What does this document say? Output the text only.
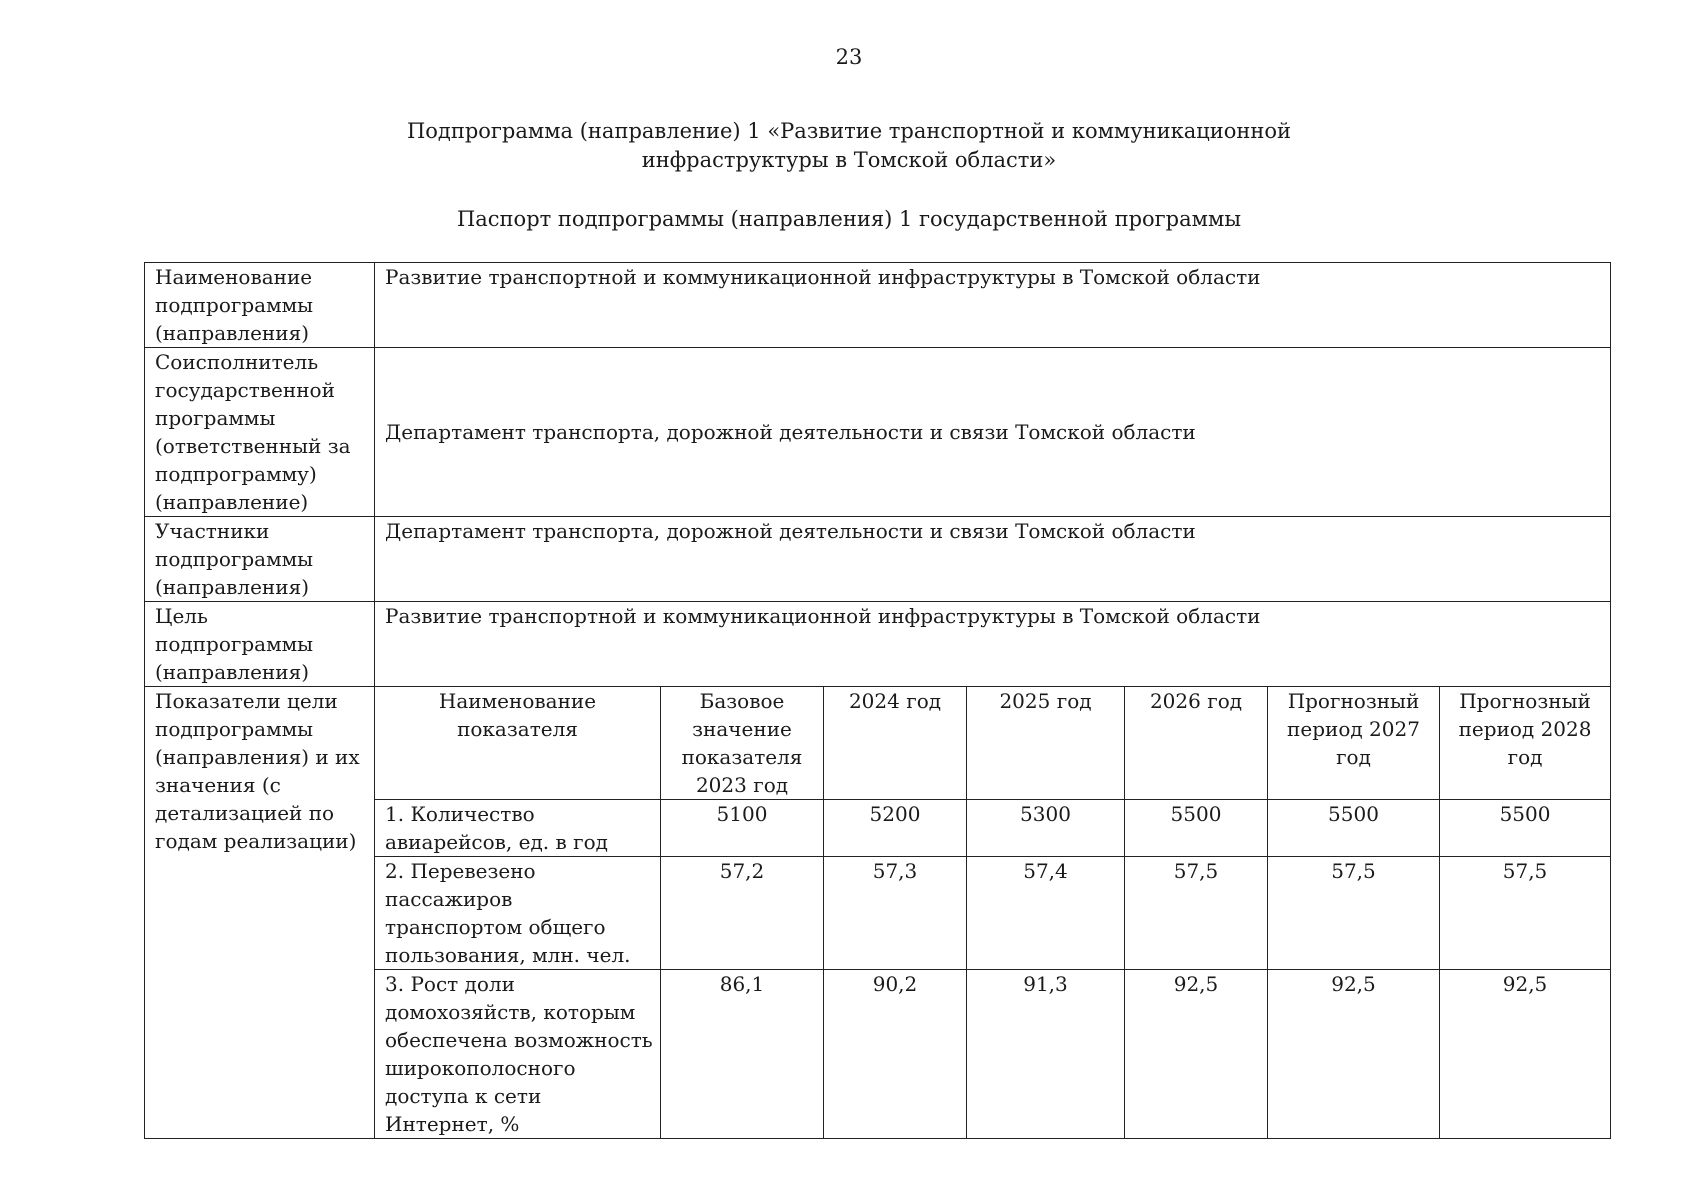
23
Подпрограмма (направление) 1 «Развитие транспортной и коммуникационной
инфраструктуры в Томской области»
Паспорт подпрограммы (направления) 1 государственной программы
Наименование подпрограммы (направления)	Развитие транспортной и коммуникационной инфраструктуры в Томской области						
Соисполнитель государственной программы (ответственный за подпрограмму) (направление)	Департамент транспорта, дорожной деятельности и связи Томской области						
Участники подпрограммы (направления)	Департамент транспорта, дорожной деятельности и связи Томской области						
Цель подпрограммы (направления)	Развитие транспортной и коммуникационной инфраструктуры в Томской области						
Показатели цели подпрограммы (направления) и их значения (с детализацией по годам реализации)	Наименование показателя	Базовое значение показателя 2023 год	2024 год	2025 год	2026 год	Прогнозный период 2027 год	Прогнозный период 2028 год
	1. Количество авиарейсов, ед. в год	5100	5200	5300	5500	5500	5500
	2. Перевезено пассажиров транспортом общего пользования, млн. чел.	57,2	57,3	57,4	57,5	57,5	57,5
	3. Рост доли домохозяйств, которым обеспечена возможность широкополосного доступа к сети Интернет, %	86,1	90,2	91,3	92,5	92,5	92,5
